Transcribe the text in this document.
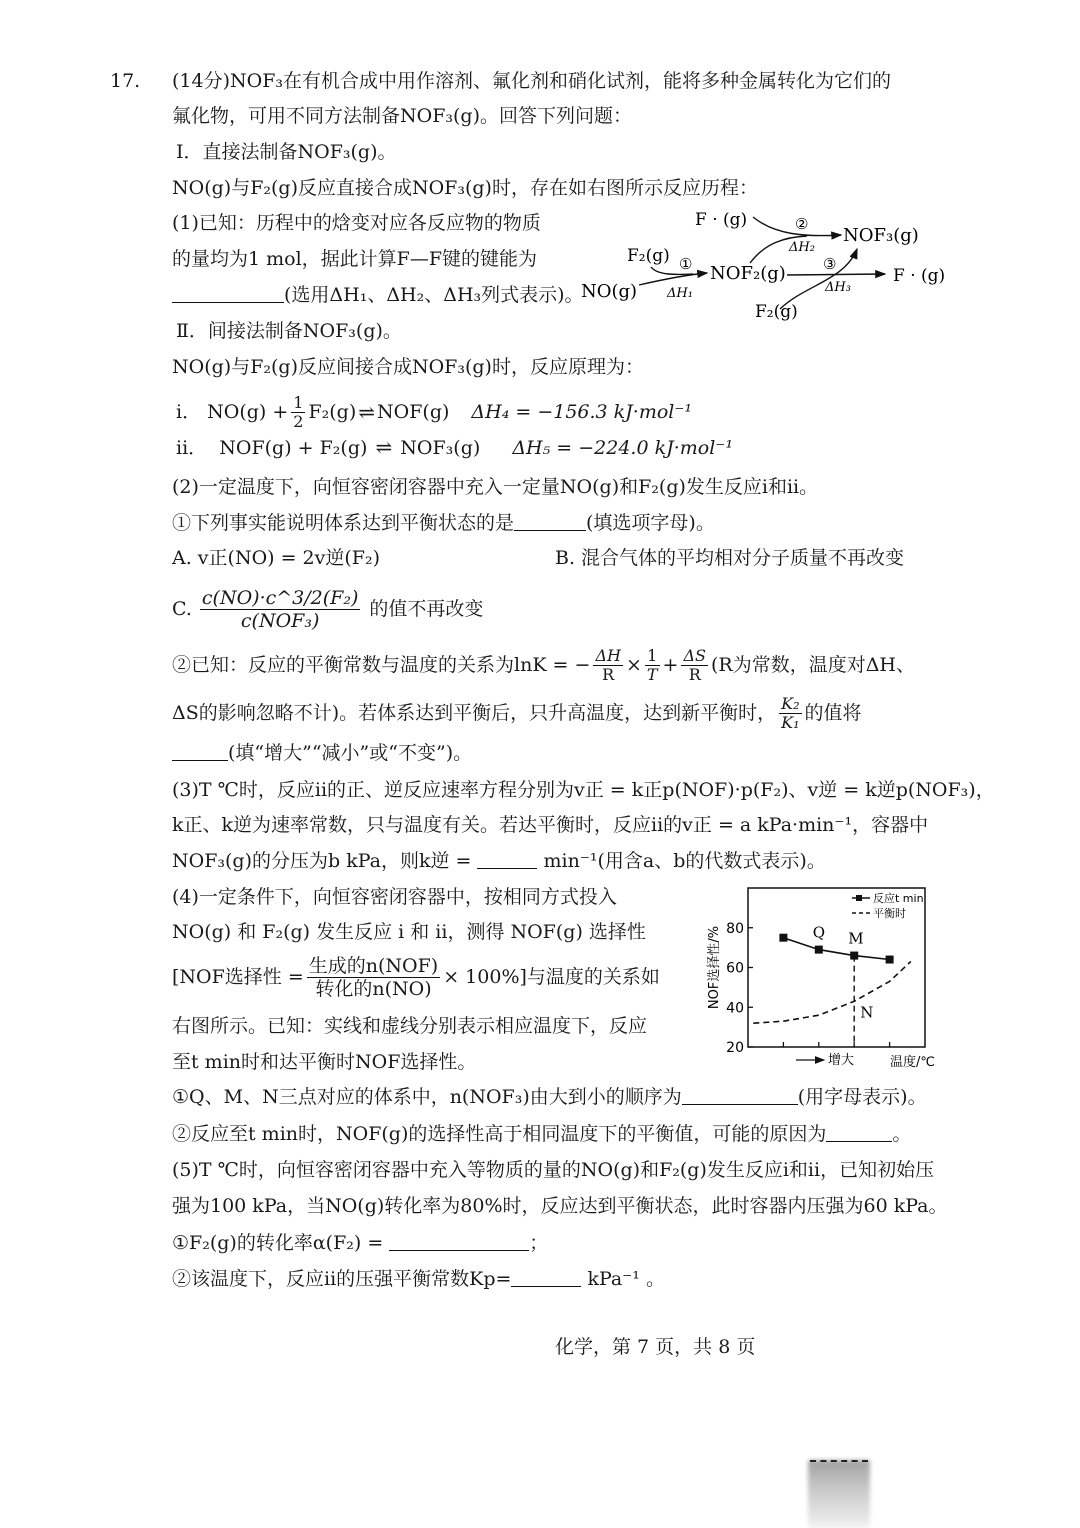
17. (14分)NOF₃在有机合成中用作溶剂、氟化剂和硝化试剂，能将多种金属转化为它们的
氟化物，可用不同方法制备NOF₃(g)。回答下列问题：
Ⅰ．直接法制备NOF₃(g)。
NO(g)与F₂(g)反应直接合成NOF₃(g)时，存在如右图所示反应历程：
(1)已知：历程中的焓变对应各反应物的物质
的量均为1 mol，据此计算F—F键的键能为
(选用ΔH₁、ΔH₂、ΔH₃列式表示)。
NO(g)
F₂(g) ①
ΔH₁
NOF₂(g)
F · (g)	②
ΔH₂
NOF₃(g)
③
ΔH₃
F · (g)
F₂(g)
Ⅱ．间接法制备NOF₃(g)。
NO(g)与F₂(g)反应间接合成NOF₃(g)时，反应原理为：
i．
$NO(g) + \frac{1}{2} F_2(g)$ ⇌ NOF(g) ΔH₄ = −156.3 kJ·mol⁻¹
ii． NOF(g) + F₂(g) ⇌ NOF₃(g) ΔH₅ = −224.0 kJ·mol⁻¹
(2)一定温度下，向恒容密闭容器中充入一定量NO(g)和F₂(g)发生反应i和ii。
①下列事实能说明体系达到平衡状态的是	(填选项字母)。
A. v正(NO) = 2v逆(F₂)	B. 混合气体的平均相对分子质量不再改变
C. $\frac{\text{c(NO)·c\textasciicircum{}3/2(F₂)}}{\text{c(NOF₃)}}$ 的值不再改变
②已知：反应的平衡常数与温度的关系为lnK = − $\frac{\Delta H}{R} \times \frac{1}{T} + \frac{\Delta S}{R} (R$为常数，温度对ΔH、
ΔS的影响忽略不计)。若体系达到平衡后，只升高温度，达到新平衡时， $\frac{\text{K₂}}{\text{K₁}}$ 的值将
(填“增大”“减小”或“不变”)。
(3)T ℃时，反应ii的正、逆反应速率方程分别为v正 = k正p(NOF)·p(F₂)、v逆 = k逆p(NOF₃)，
k正、k逆为速率常数，只与温度有关。若达平衡时，反应ii的v正 = a kPa·min⁻¹，容器中
NOF₃(g)的分压为b kPa，则k逆 =	min⁻¹(用含a、b的代数式表示)。
(4)一定条件下，向恒容密闭容器中，按相同方式投入
NO(g) 和 F₂(g) 发生反应 i 和 ii，测得 NOF(g) 选择性
[NOF选择性 = $\frac{\text{生成的n(NOF)}}{\text{转化的n(NO)}} \times 100\%$]与温度的关系如
右图所示。已知：实线和虚线分别表示相应温度下，反应
至t min时和达平衡时NOF选择性。
20
40
60
80
NOF选择性/%
增大	温度/℃
Q M
N
反应t min
平衡时
①Q、M、N三点对应的体系中，n(NOF₃)由大到小的顺序为	(用字母表示)。
②反应至t min时，NOF(g)的选择性高于相同温度下的平衡值，可能的原因为	。
(5)T ℃时，向恒容密闭容器中充入等物质的量的NO(g)和F₂(g)发生反应i和ii，已知初始压
强为100 kPa，当NO(g)转化率为80%时，反应达到平衡状态，此时容器内压强为60 kPa。
①F₂(g)的转化率α(F₂) =	；
②该温度下，反应ii的压强平衡常数Kp=	kPa⁻¹ 。
化学，第 7 页，共 8 页
